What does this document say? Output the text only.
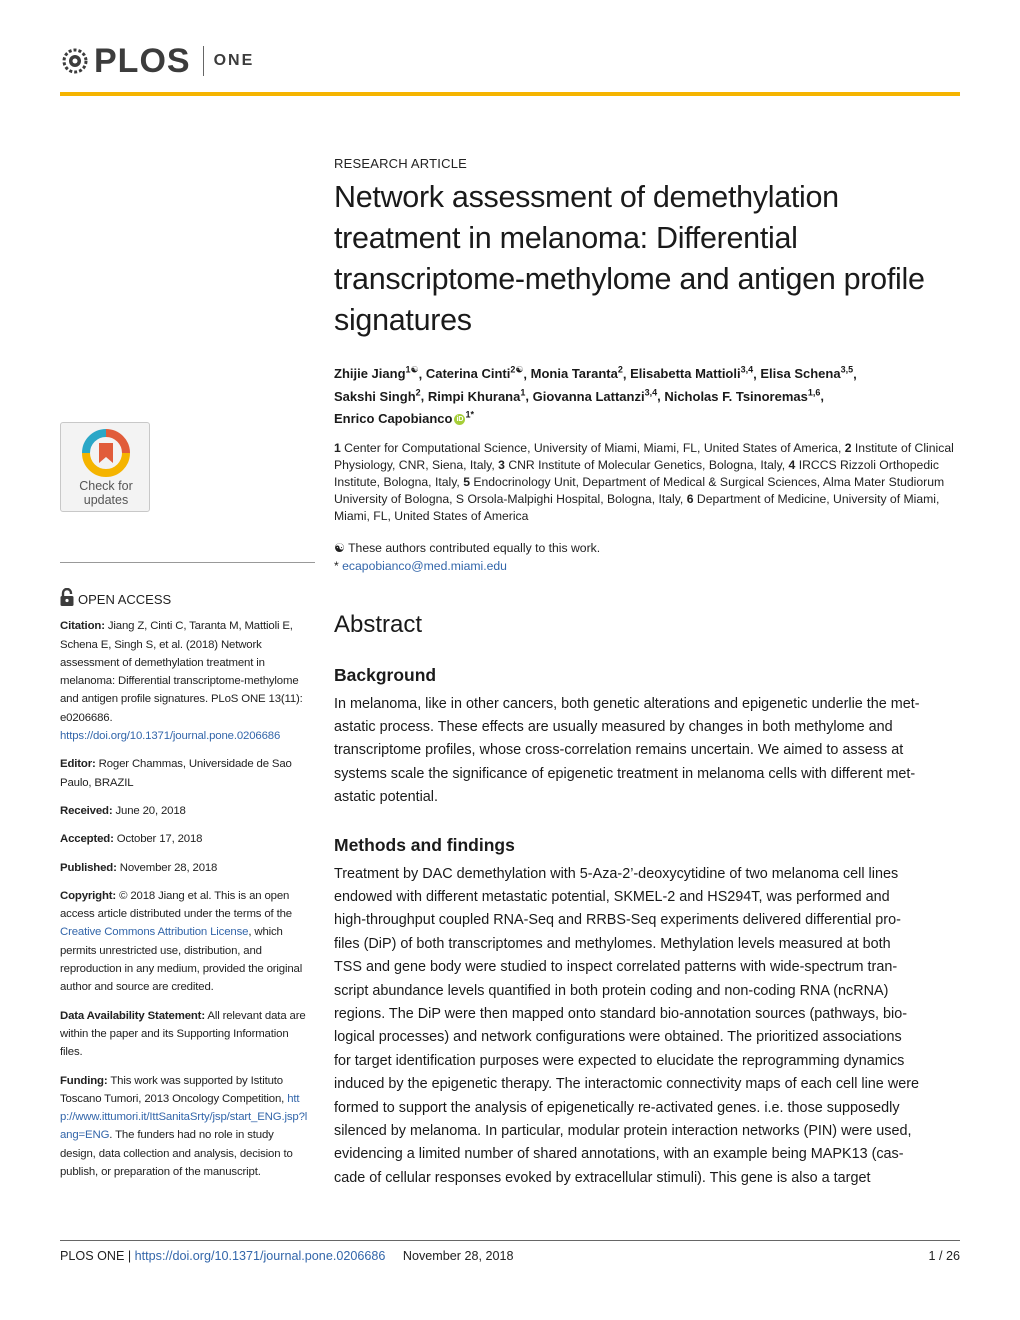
PLOS ONE
Check for
updates
OPEN ACCESS

Citation: Jiang Z, Cinti C, Taranta M, Mattioli E, Schena E, Singh S, et al. (2018) Network assessment of demethylation treatment in melanoma: Differential transcriptome-methylome and antigen profile signatures. PLoS ONE 13(11): e0206686. https://doi.org/10.1371/journal.pone.0206686

Editor: Roger Chammas, Universidade de Sao Paulo, BRAZIL

Received: June 20, 2018

Accepted: October 17, 2018

Published: November 28, 2018

Copyright: © 2018 Jiang et al. This is an open access article distributed under the terms of the Creative Commons Attribution License, which permits unrestricted use, distribution, and reproduction in any medium, provided the original author and source are credited.

Data Availability Statement: All relevant data are within the paper and its Supporting Information files.

Funding: This work was supported by Istituto Toscano Tumori, 2013 Oncology Competition, http://www.ittumori.it/IttSanitaSrty/jsp/start_ENG.jsp?lang=ENG. The funders had no role in study design, data collection and analysis, decision to publish, or preparation of the manuscript.

RESEARCH ARTICLE
Network assessment of demethylation treatment in melanoma: Differential transcriptome-methylome and antigen profile signatures
Zhijie Jiang$^{1☯}$, Caterina Cinti$^{2☯}$, Monia Taranta$^2$, Elisabetta Mattioli$^{3,4}$, Elisa Schena$^{3,5}$,
Sakshi Singh$^2$, Rimpi Khurana$^1$, Giovanna Lattanzi$^{3,4}$, Nicholas F. Tsinoremas$^{1,6}$,
Enrico Capobianco iD $^{1*}$
1 Center for Computational Science, University of Miami, Miami, FL, United States of America, 2 Institute of Clinical Physiology, CNR, Siena, Italy, 3 CNR Institute of Molecular Genetics, Bologna, Italy, 4 IRCCS Rizzoli Orthopedic Institute, Bologna, Italy, 5 Endocrinology Unit, Department of Medical & Surgical Sciences, Alma Mater Studiorum University of Bologna, S Orsola-Malpighi Hospital, Bologna, Italy, 6 Department of Medicine, University of Miami, Miami, FL, United States of America
☯ These authors contributed equally to this work.
* ecapobianco@med.miami.edu
Abstract
Background

In melanoma, like in other cancers, both genetic alterations and epigenetic underlie the met-
astatic process. These effects are usually measured by changes in both methylome and
transcriptome profiles, whose cross-correlation remains uncertain. We aimed to assess at
systems scale the significance of epigenetic treatment in melanoma cells with different met-
astatic potential.

Methods and findings

Treatment by DAC demethylation with 5-Aza-2’-deoxycytidine of two melanoma cell lines
endowed with different metastatic potential, SKMEL-2 and HS294T, was performed and
high-throughput coupled RNA-Seq and RRBS-Seq experiments delivered differential pro-
files (DiP) of both transcriptomes and methylomes. Methylation levels measured at both
TSS and gene body were studied to inspect correlated patterns with wide-spectrum tran-
script abundance levels quantified in both protein coding and non-coding RNA (ncRNA)
regions. The DiP were then mapped onto standard bio-annotation sources (pathways, bio-
logical processes) and network configurations were obtained. The prioritized associations
for target identification purposes were expected to elucidate the reprogramming dynamics
induced by the epigenetic therapy. The interactomic connectivity maps of each cell line were
formed to support the analysis of epigenetically re-activated genes. i.e. those supposedly
silenced by melanoma. In particular, modular protein interaction networks (PIN) were used,
evidencing a limited number of shared annotations, with an example being MAPK13 (cas-
cade of cellular responses evoked by extracellular stimuli). This gene is also a target

PLOS ONE | https://doi.org/10.1371/journal.pone.0206686 November 28, 2018	1 / 26
